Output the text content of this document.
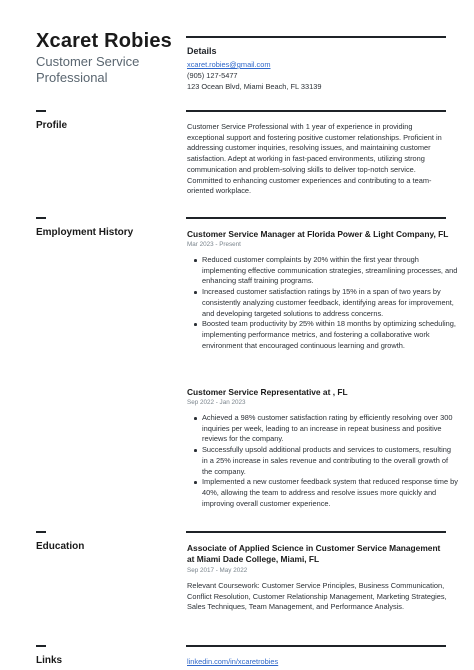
Xcaret Robies

Customer Service Professional

Details

xcaret.robies@gmail.com

(905) 127-5477

123 Ocean Blvd, Miami Beach, FL 33139

Profile	Customer Service Professional with 1 year of experience in providing exceptional support and fostering positive customer relationships. Proficient in addressing customer inquiries, resolving issues, and maintaining customer satisfaction. Adept at working in fast-paced environments, utilizing strong communication and problem-solving skills to deliver top-notch service. Committed to enhancing customer experiences and contributing to a team-oriented workplace.

Employment History	Customer Service Manager at Florida Power & Light Company, FL

Mar 2023 - Present

Reduced customer complaints by 20% within the first year through implementing effective communication strategies, streamlining processes, and enhancing staff training programs.
Increased customer satisfaction ratings by 15% in a span of two years by consistently analyzing customer feedback, identifying areas for improvement, and developing targeted solutions to address concerns.
Boosted team productivity by 25% within 18 months by optimizing scheduling, implementing performance metrics, and fostering a collaborative work environment that encouraged continuous learning and growth.

Customer Service Representative at , FL

Sep 2022 - Jan 2023

Achieved a 98% customer satisfaction rating by efficiently resolving over 300 inquiries per week, leading to an increase in repeat business and positive reviews for the company.
Successfully upsold additional products and services to customers, resulting in a 25% increase in sales revenue and contributing to the overall growth of the company.
Implemented a new customer feedback system that reduced response time by 40%, allowing the team to address and resolve issues more quickly and improving overall customer experience.

Education	Associate of Applied Science in Customer Service Management at Miami Dade College, Miami, FL

Sep 2017 - May 2022

Relevant Coursework: Customer Service Principles, Business Communication, Conflict Resolution, Customer Relationship Management, Marketing Strategies, Sales Techniques, Team Management, and Performance Analysis.

Links	linkedin.com/in/xcaretrobies
